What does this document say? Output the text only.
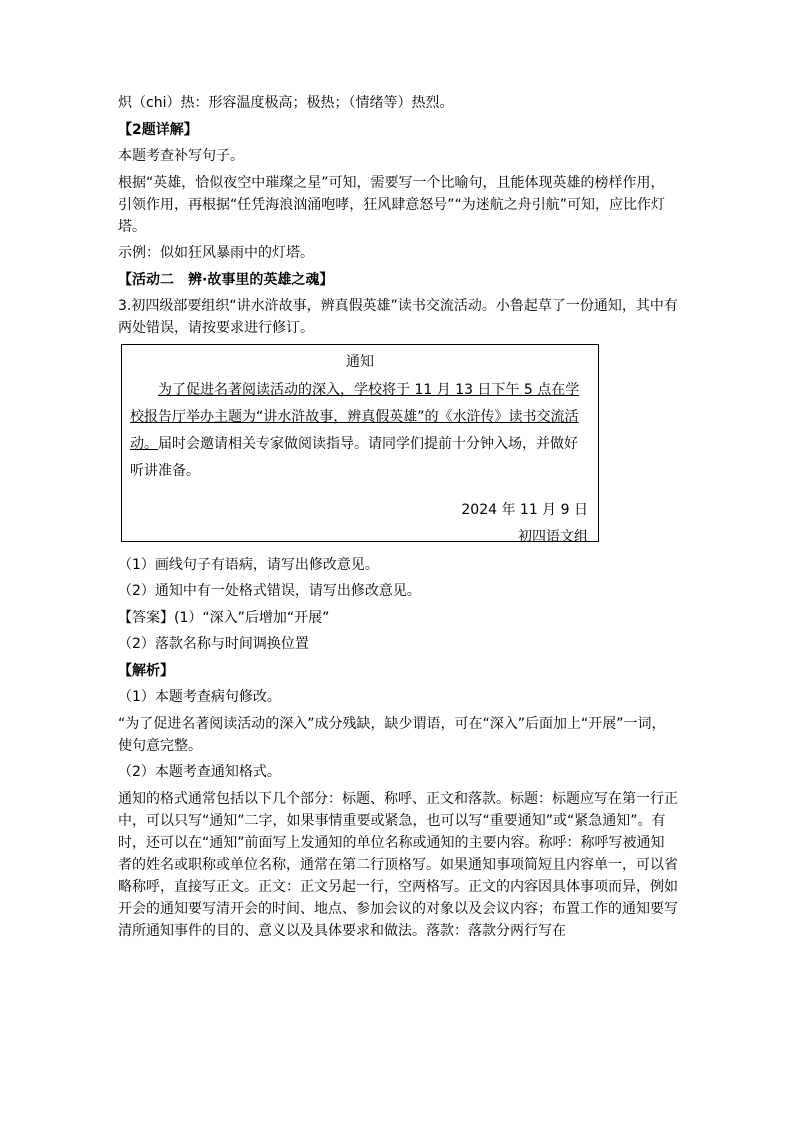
炽（chi）热：形容温度极高；极热；（情绪等）热烈。

【2题详解】

本题考查补写句子。

根据“英雄，恰似夜空中璀璨之星”可知，需要写一个比喻句，且能体现英雄的榜样作用，引领作用，再根据“任凭海浪汹涌咆哮，狂风肆意怒号”“为迷航之舟引航”可知，应比作灯塔。

示例：似如狂风暴雨中的灯塔。

【活动二　辨·故事里的英雄之魂】

3.初四级部要组织“讲水浒故事，辨真假英雄”读书交流活动。小鲁起草了一份通知，其中有两处错误，请按要求进行修订。

通知
为了促进名著阅读活动的深入，学校将于 11 月 13 日下午 5 点在学校报告厅举办主题为“讲水浒故事，辨真假英雄”的《水浒传》读书交流活动。届时会邀请相关专家做阅读指导。请同学们提前十分钟入场，并做好听讲准备。
2024 年 11 月 9 日
初四语文组

（1）画线句子有语病，请写出修改意见。

（2）通知中有一处格式错误，请写出修改意见。

【答案】(1）“深入”后增加“开展”

（2）落款名称与时间调换位置

【解析】

（1）本题考查病句修改。

“为了促进名著阅读活动的深入”成分残缺，缺少谓语，可在“深入”后面加上“开展”一词，使句意完整。

（2）本题考查通知格式。

通知的格式通常包括以下几个部分：标题、称呼、正文和落款。标题：标题应写在第一行正中，可以只写“通知”二字，如果事情重要或紧急，也可以写“重要通知”或“紧急通知”。有时，还可以在“通知”前面写上发通知的单位名称或通知的主要内容。称呼：称呼写被通知者的姓名或职称或单位名称，通常在第二行顶格写。如果通知事项简短且内容单一，可以省略称呼，直接写正文。正文：正文另起一行，空两格写。正文的内容因具体事项而异，例如开会的通知要写清开会的时间、地点、参加会议的对象以及会议内容；布置工作的通知要写清所通知事件的目的、意义以及具体要求和做法。落款：落款分两行写在
